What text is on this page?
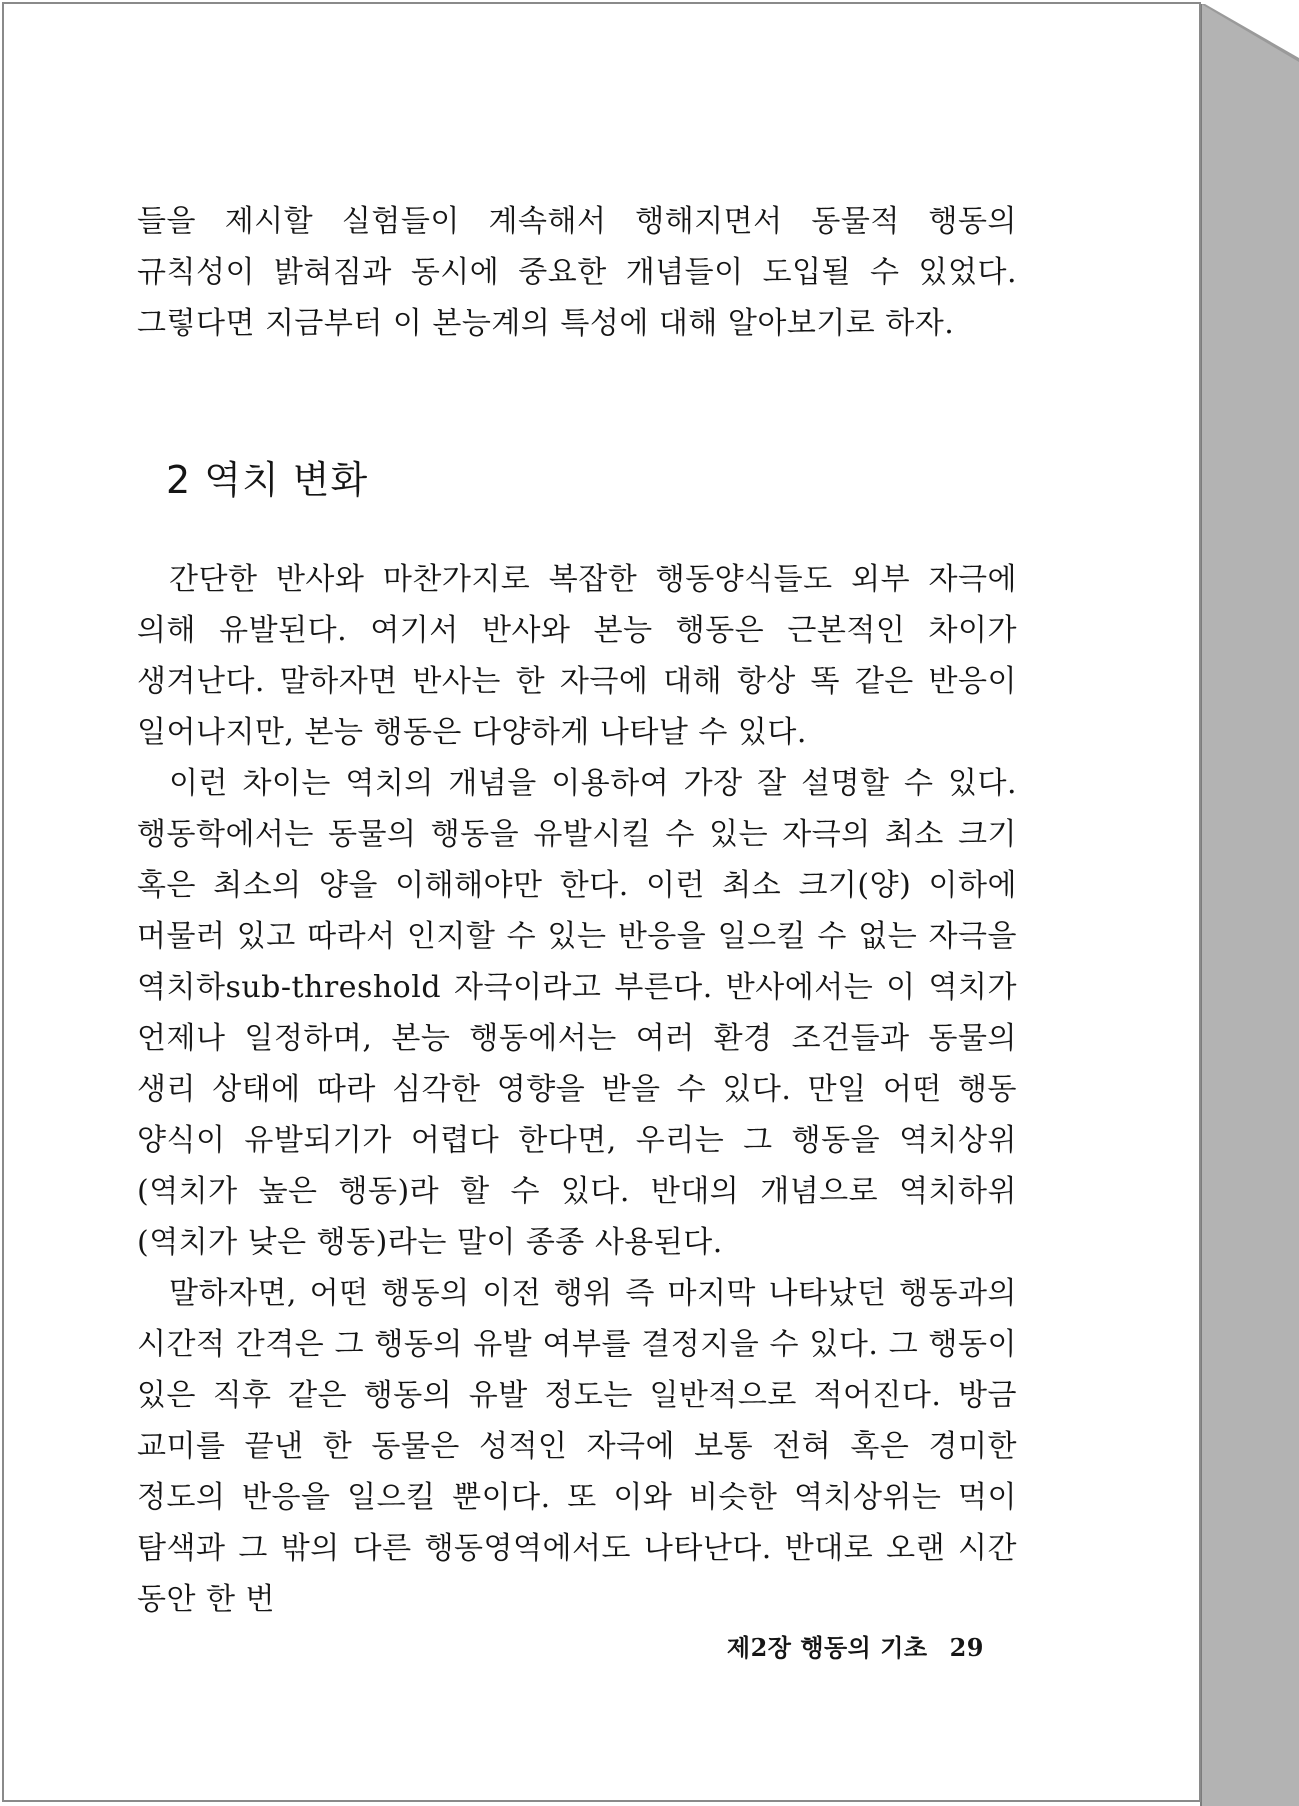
들을 제시할 실험들이 계속해서 행해지면서 동물적 행동의 규칙성이 밝혀짐과 동시에 중요한 개념들이 도입될 수 있었다. 그렇다면 지금부터 이 본능계의 특성에 대해 알아보기로 하자.

2 역치 변화

간단한 반사와 마찬가지로 복잡한 행동양식들도 외부 자극에 의해 유발된다. 여기서 반사와 본능 행동은 근본적인 차이가 생겨난다. 말하자면 반사는 한 자극에 대해 항상 똑 같은 반응이 일어나지만, 본능 행동은 다양하게 나타날 수 있다.

이런 차이는 역치의 개념을 이용하여 가장 잘 설명할 수 있다. 행동학에서는 동물의 행동을 유발시킬 수 있는 자극의 최소 크기 혹은 최소의 양을 이해해야만 한다. 이런 최소 크기(양) 이하에 머물러 있고 따라서 인지할 수 있는 반응을 일으킬 수 없는 자극을 역치하sub-threshold 자극이라고 부른다. 반사에서는 이 역치가 언제나 일정하며, 본능 행동에서는 여러 환경 조건들과 동물의 생리 상태에 따라 심각한 영향을 받을 수 있다. 만일 어떤 행동 양식이 유발되기가 어렵다 한다면, 우리는 그 행동을 역치상위(역치가 높은 행동)라 할 수 있다. 반대의 개념으로 역치하위(역치가 낮은 행동)라는 말이 종종 사용된다.

말하자면, 어떤 행동의 이전 행위 즉 마지막 나타났던 행동과의 시간적 간격은 그 행동의 유발 여부를 결정지을 수 있다. 그 행동이 있은 직후 같은 행동의 유발 정도는 일반적으로 적어진다. 방금 교미를 끝낸 한 동물은 성적인 자극에 보통 전혀 혹은 경미한 정도의 반응을 일으킬 뿐이다. 또 이와 비슷한 역치상위는 먹이 탐색과 그 밖의 다른 행동영역에서도 나타난다. 반대로 오랜 시간 동안 한 번

제2장 행동의 기초 29
